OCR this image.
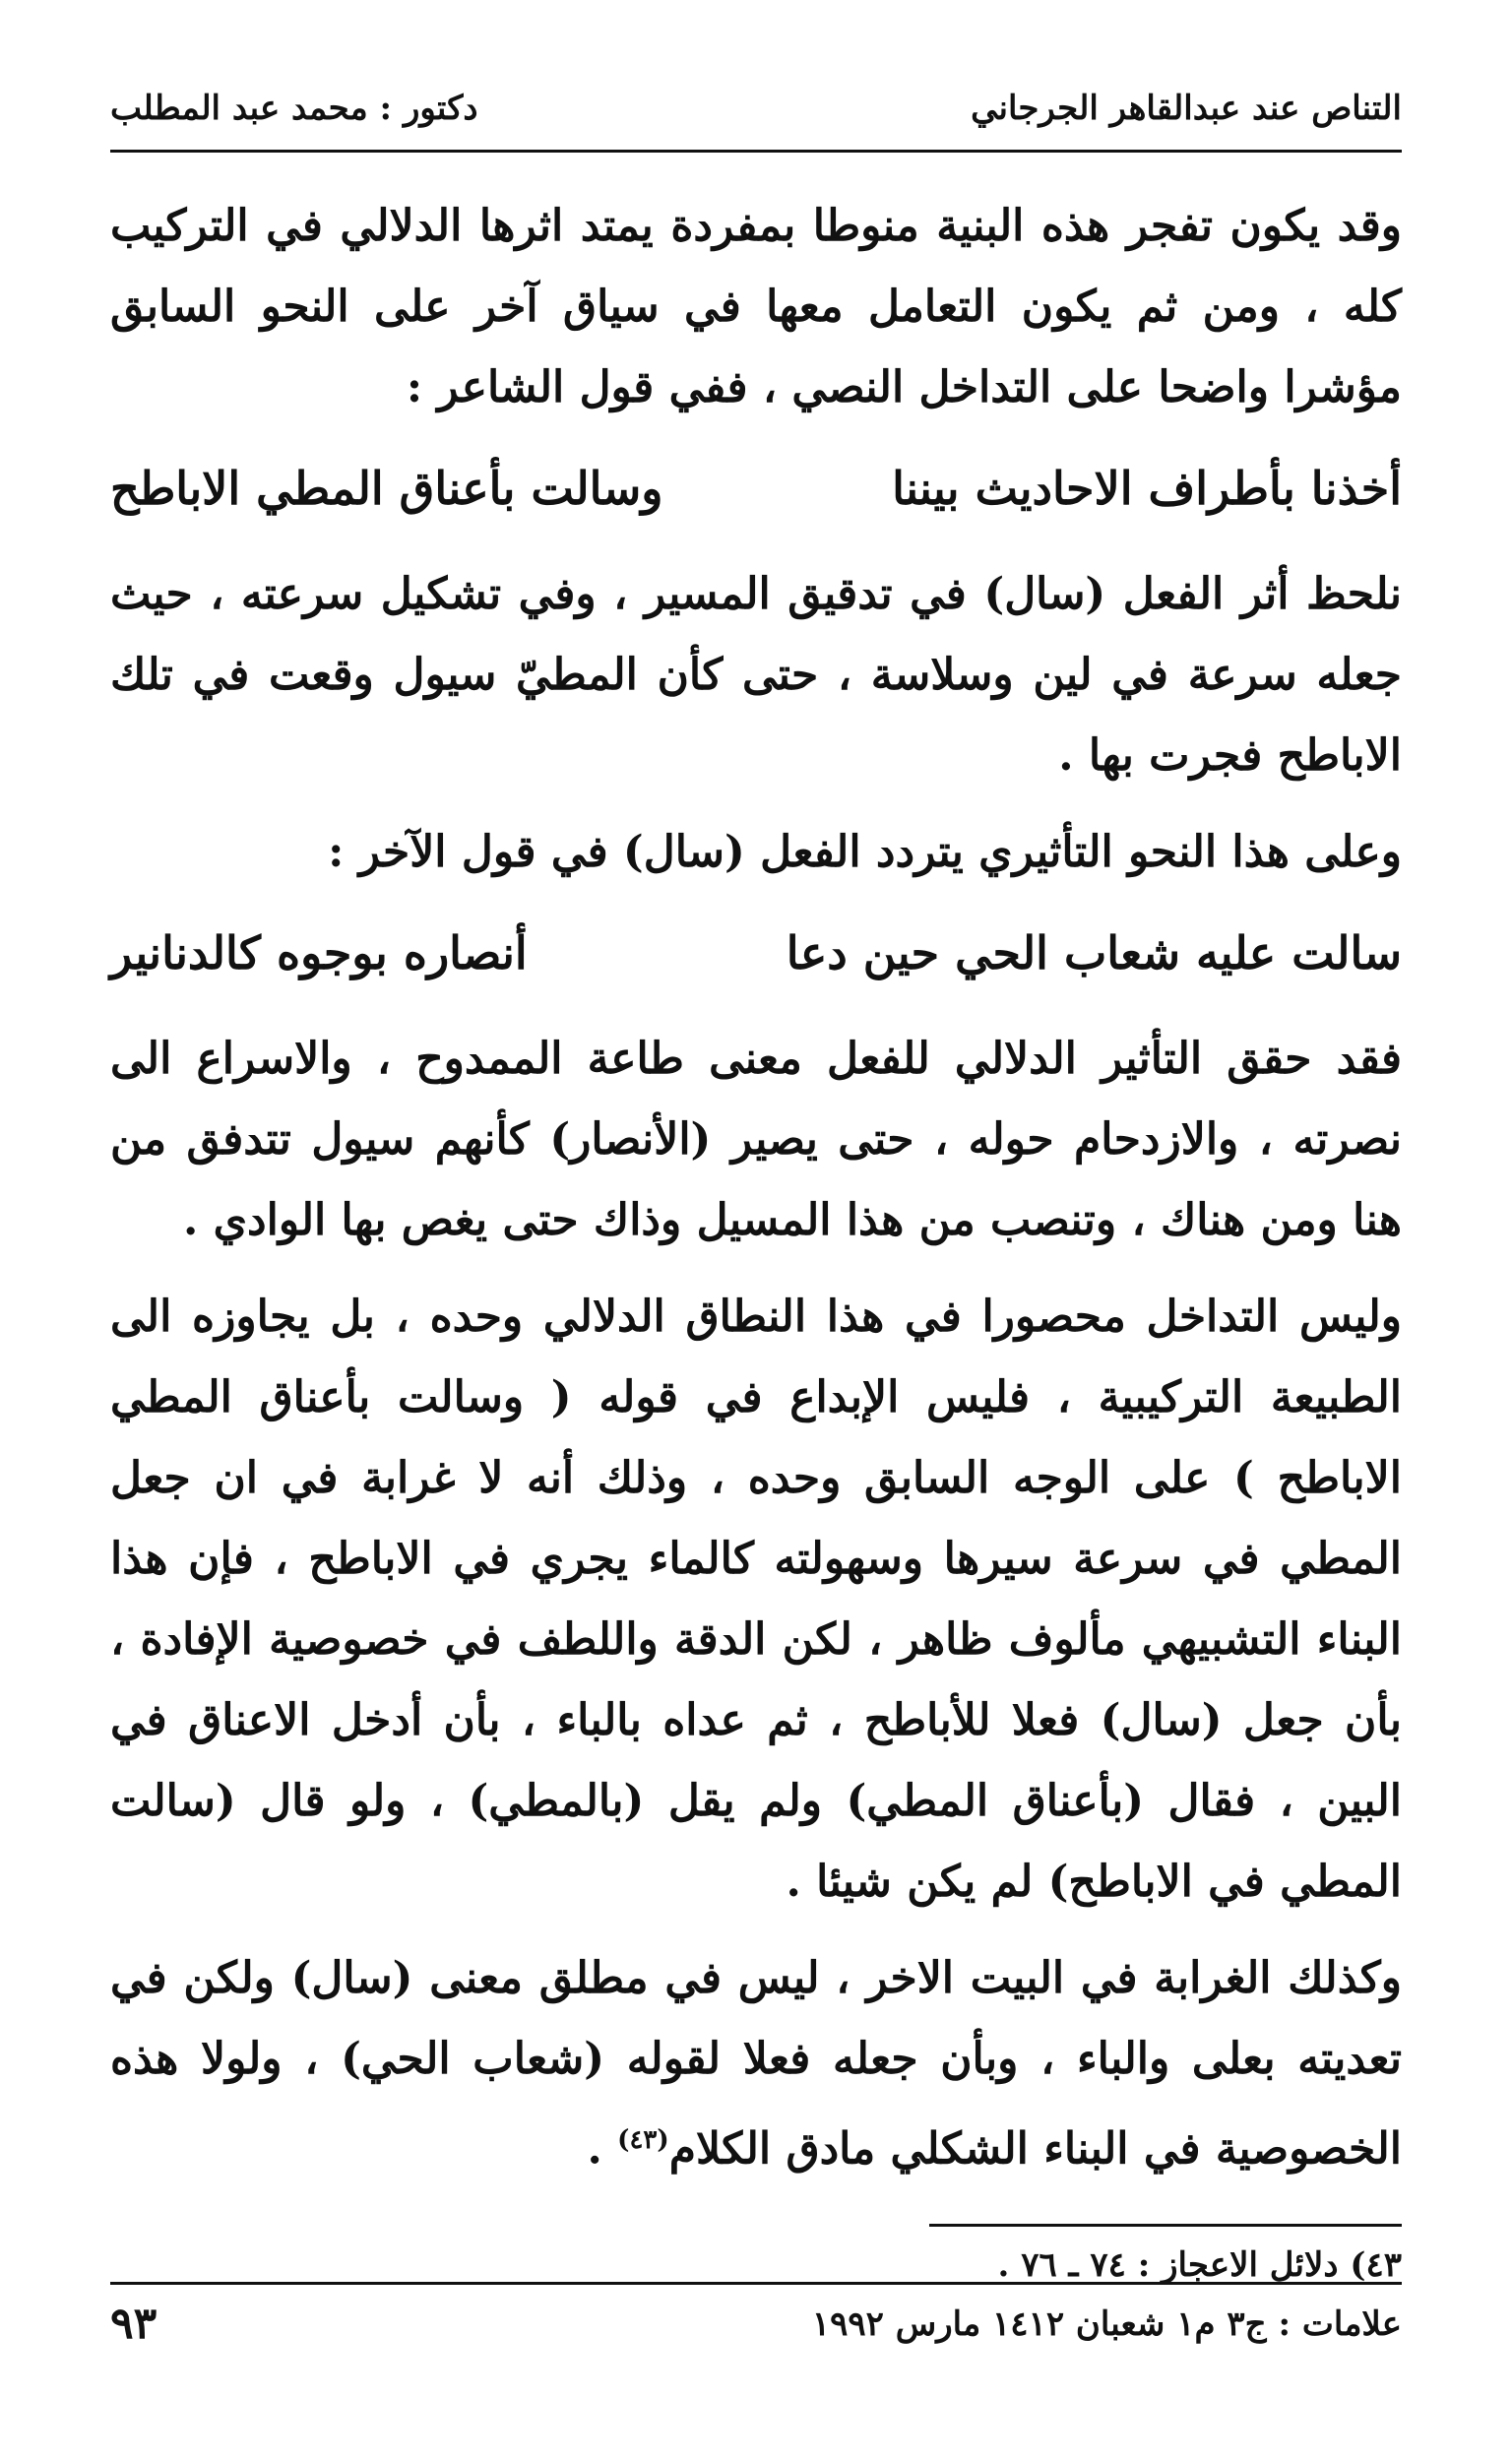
التناص عند عبدالقاهر الجرجاني
دكتور : محمد عبد المطلب

وقد يكون تفجر هذه البنية منوطا بمفردة يمتد اثرها الدلالي في التركيب كله ، ومن ثم يكون التعامل معها في سياق آخر على النحو السابق مؤشرا واضحا على التداخل النصي ، ففي قول الشاعر :

أخذنا بأطراف الاحاديث بيننا
وسالت بأعناق المطي الاباطح

نلحظ أثر الفعل (سال) في تدقيق المسير ، وفي تشكيل سرعته ، حيث جعله سرعة في لين وسلاسة ، حتى كأن المطيّ سيول وقعت في تلك الاباطح فجرت بها .

وعلى هذا النحو التأثيري يتردد الفعل (سال) في قول الآخر :

سالت عليه شعاب الحي حين دعا
أنصاره بوجوه كالدنانير

فقد حقق التأثير الدلالي للفعل معنى طاعة الممدوح ، والاسراع الى نصرته ، والازدحام حوله ، حتى يصير (الأنصار) كأنهم سيول تتدفق من هنا ومن هناك ، وتنصب من هذا المسيل وذاك حتى يغص بها الوادي .

وليس التداخل محصورا في هذا النطاق الدلالي وحده ، بل يجاوزه الى الطبيعة التركيبية ، فليس الإبداع في قوله ( وسالت بأعناق المطي الاباطح ) على الوجه السابق وحده ، وذلك أنه لا غرابة في ان جعل المطي في سرعة سيرها وسهولته كالماء يجري في الاباطح ، فإن هذا البناء التشبيهي مألوف ظاهر ، لكن الدقة واللطف في خصوصية الإفادة ، بأن جعل (سال) فعلا للأباطح ، ثم عداه بالباء ، بأن أدخل الاعناق في البين ، فقال (بأعناق المطي) ولم يقل (بالمطي) ، ولو قال (سالت المطي في الاباطح) لم يكن شيئا .

وكذلك الغرابة في البيت الاخر ، ليس في مطلق معنى (سال) ولكن في تعديته بعلى والباء ، وبأن جعله فعلا لقوله (شعاب الحي) ، ولولا هذه الخصوصية في البناء الشكلي مادق الكلام$^{(٤٣)}$ .

٤٣) دلائل الاعجاز : ٧٤ ـ ٧٦ .
علامات : ج٣ م١ شعبان ١٤١٢ مارس ١٩٩٢
٩٣
